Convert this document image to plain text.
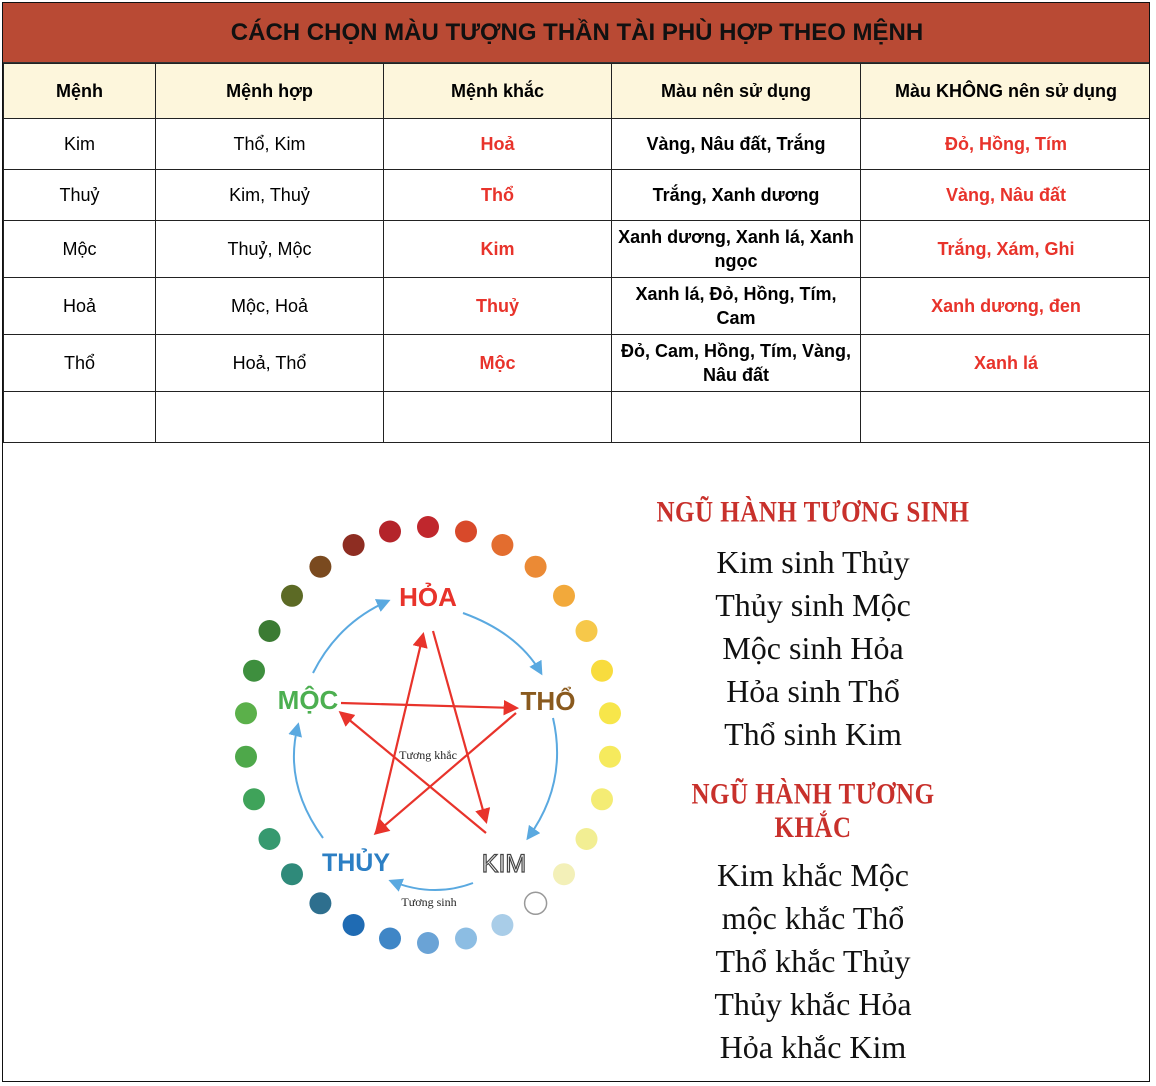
CÁCH CHỌN MÀU TƯỢNG THẦN TÀI PHÙ HỢP THEO MỆNH
Mệnh	Mệnh hợp	Mệnh khắc	Màu nên sử dụng	Màu KHÔNG nên sử dụng
Kim	Thổ, Kim	Hoả	Vàng, Nâu đất, Trắng	Đỏ, Hồng, Tím
Thuỷ	Kim, Thuỷ	Thổ	Trắng, Xanh dương	Vàng, Nâu đất
Mộc	Thuỷ, Mộc	Kim	Xanh dương, Xanh lá, Xanh ngọc	Trắng, Xám, Ghi
Hoả	Mộc, Hoả	Thuỷ	Xanh lá, Đỏ, Hồng, Tím, Cam	Xanh dương, đen
Thổ	Hoả, Thổ	Mộc	Đỏ, Cam, Hồng, Tím, Vàng, Nâu đất	Xanh lá

HỎA
THỔ
KIM
THỦY
MỘC
Tương khắc
Tương sinh
NGŨ HÀNH TƯƠNG SINH
Kim sinh Thủy
Thủy sinh Mộc
Mộc sinh Hỏa
Hỏa sinh Thổ
Thổ sinh Kim
NGŨ HÀNH TƯƠNG KHẮC
Kim khắc Mộc
mộc khắc Thổ
Thổ khắc Thủy
Thủy khắc Hỏa
Hỏa khắc Kim
